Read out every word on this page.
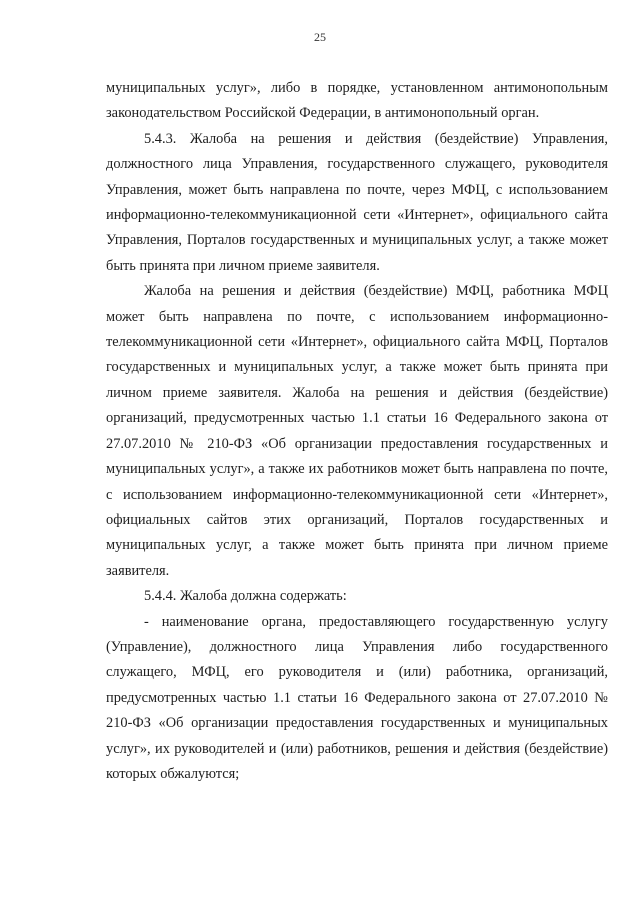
25

муниципальных услуг», либо в порядке, установленном антимонопольным законодательством Российской Федерации, в антимонопольный орган.

5.4.3. Жалоба на решения и действия (бездействие) Управления, должностного лица Управления, государственного служащего, руководителя Управления, может быть направлена по почте, через МФЦ, с использованием информационно-телекоммуникационной сети «Интернет», официального сайта Управления, Порталов государственных и муниципальных услуг, а также может быть принята при личном приеме заявителя.

Жалоба на решения и действия (бездействие) МФЦ, работника МФЦ может быть направлена по почте, с использованием информационно-телекоммуникационной сети «Интернет», официального сайта МФЦ, Порталов государственных и муниципальных услуг, а также может быть принята при личном приеме заявителя. Жалоба на решения и действия (бездействие) организаций, предусмотренных частью 1.1 статьи 16 Федерального закона от 27.07.2010 № 210-ФЗ «Об организации предоставления государственных и муниципальных услуг», а также их работников может быть направлена по почте, с использованием информационно-телекоммуникационной сети «Интернет», официальных сайтов этих организаций, Порталов государственных и муниципальных услуг, а также может быть принята при личном приеме заявителя.

5.4.4. Жалоба должна содержать:

- наименование органа, предоставляющего государственную услугу (Управление), должностного лица Управления либо государственного служащего, МФЦ, его руководителя и (или) работника, организаций, предусмотренных частью 1.1 статьи 16 Федерального закона от 27.07.2010 № 210-ФЗ «Об организации предоставления государственных и муниципальных услуг», их руководителей и (или) работников, решения и действия (бездействие) которых обжалуются;
